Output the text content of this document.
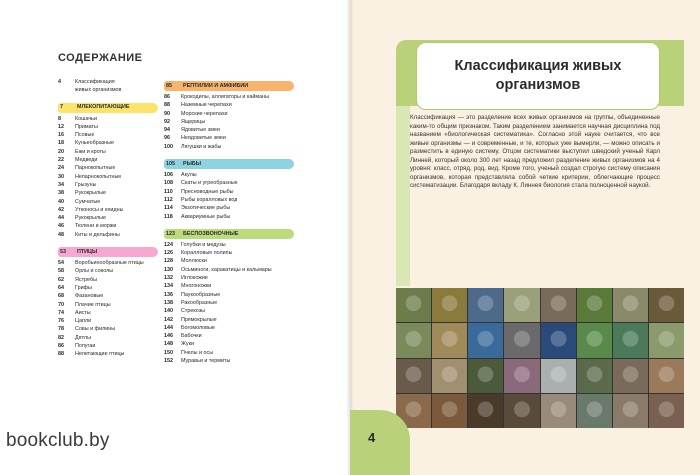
СОДЕРЖАНИЕ
4	Классификация
живых организмов
7	МЛЕКОПИТАЮЩИЕ
8	Кошачьи
12	Приматы
16	Псовые
18	Куньеобразные
20	Ежи и кроты
22	Медведи
24	Парнокопытные
30	Непарнокопытные
34	Грызуны
38	Рукокрылые
40	Сумчатые
42	Утконосы и ехидны
44	Рукокрылые
46	Тюлени и моржи
48	Киты и дельфины
53	ПТИЦЫ
54	Воробьинообразные птицы
58	Орлы и соколы
62	Ястребы
64	Грифы
68	Фазановые
70	Плачие птицы
74	Аисты
76	Цапли
78	Совы и филины
82	Дятлы
86	Попугаи
88	Нелетающие птицы
85	РЕПТИЛИИ И АМФИБИИ
86	Крокодилы, аллигаторы и кайманы
88	Наземные черепахи
90	Морские черепахи
92	Ящерицы
94	Ядовитые змеи
96	Неядовитые змеи
100	Лягушки и жабы
105	РЫБЫ
106	Акулы
108	Скаты и угреобразные
110	Пресноводные рыбы
112	Рыбы коралловых вод
114	Экзотические рыбы
118	Аквариумные рыбы
123	БЕСПОЗВОНОЧНЫЕ
124	Голубки и медузы
126	Коралловые полипы
128	Моллюски
130	Осьминоги, каракатицы и кальмары
132	Иглокожие
134	Многоножки
136	Паукообразные
138	Ракообразные
140	Стрекозы
142	Прямокрылые
144	Богомоловые
146	Бабочки
148	Жуки
150	Пчелы и осы
152	Муравьи и термиты
bookclub.by
Классификация живых организмов

Классификация — это разделение всех живых организмов на группы, объединенные каким-то общим признаком. Таким разделением занимается научная дисциплина под названием «биологическая систематика». Согласно этой науке считается, что все живые организмы — и современные, и те, которых уже вымерли, — можно описать и разместить в единую систему. Отцом систематики выступил шведский ученый Карл Линней, который около 300 лет назад предложил разделение живых организмов на 4 уровня: класс, отряд, род, вид. Кроме того, ученый создал строгую систему описания организмов, которая представляла собой четкие критерии, облегчающие процесс систематизации. Благодаря вкладу К. Линнея биология стала полноценной наукой.

4
